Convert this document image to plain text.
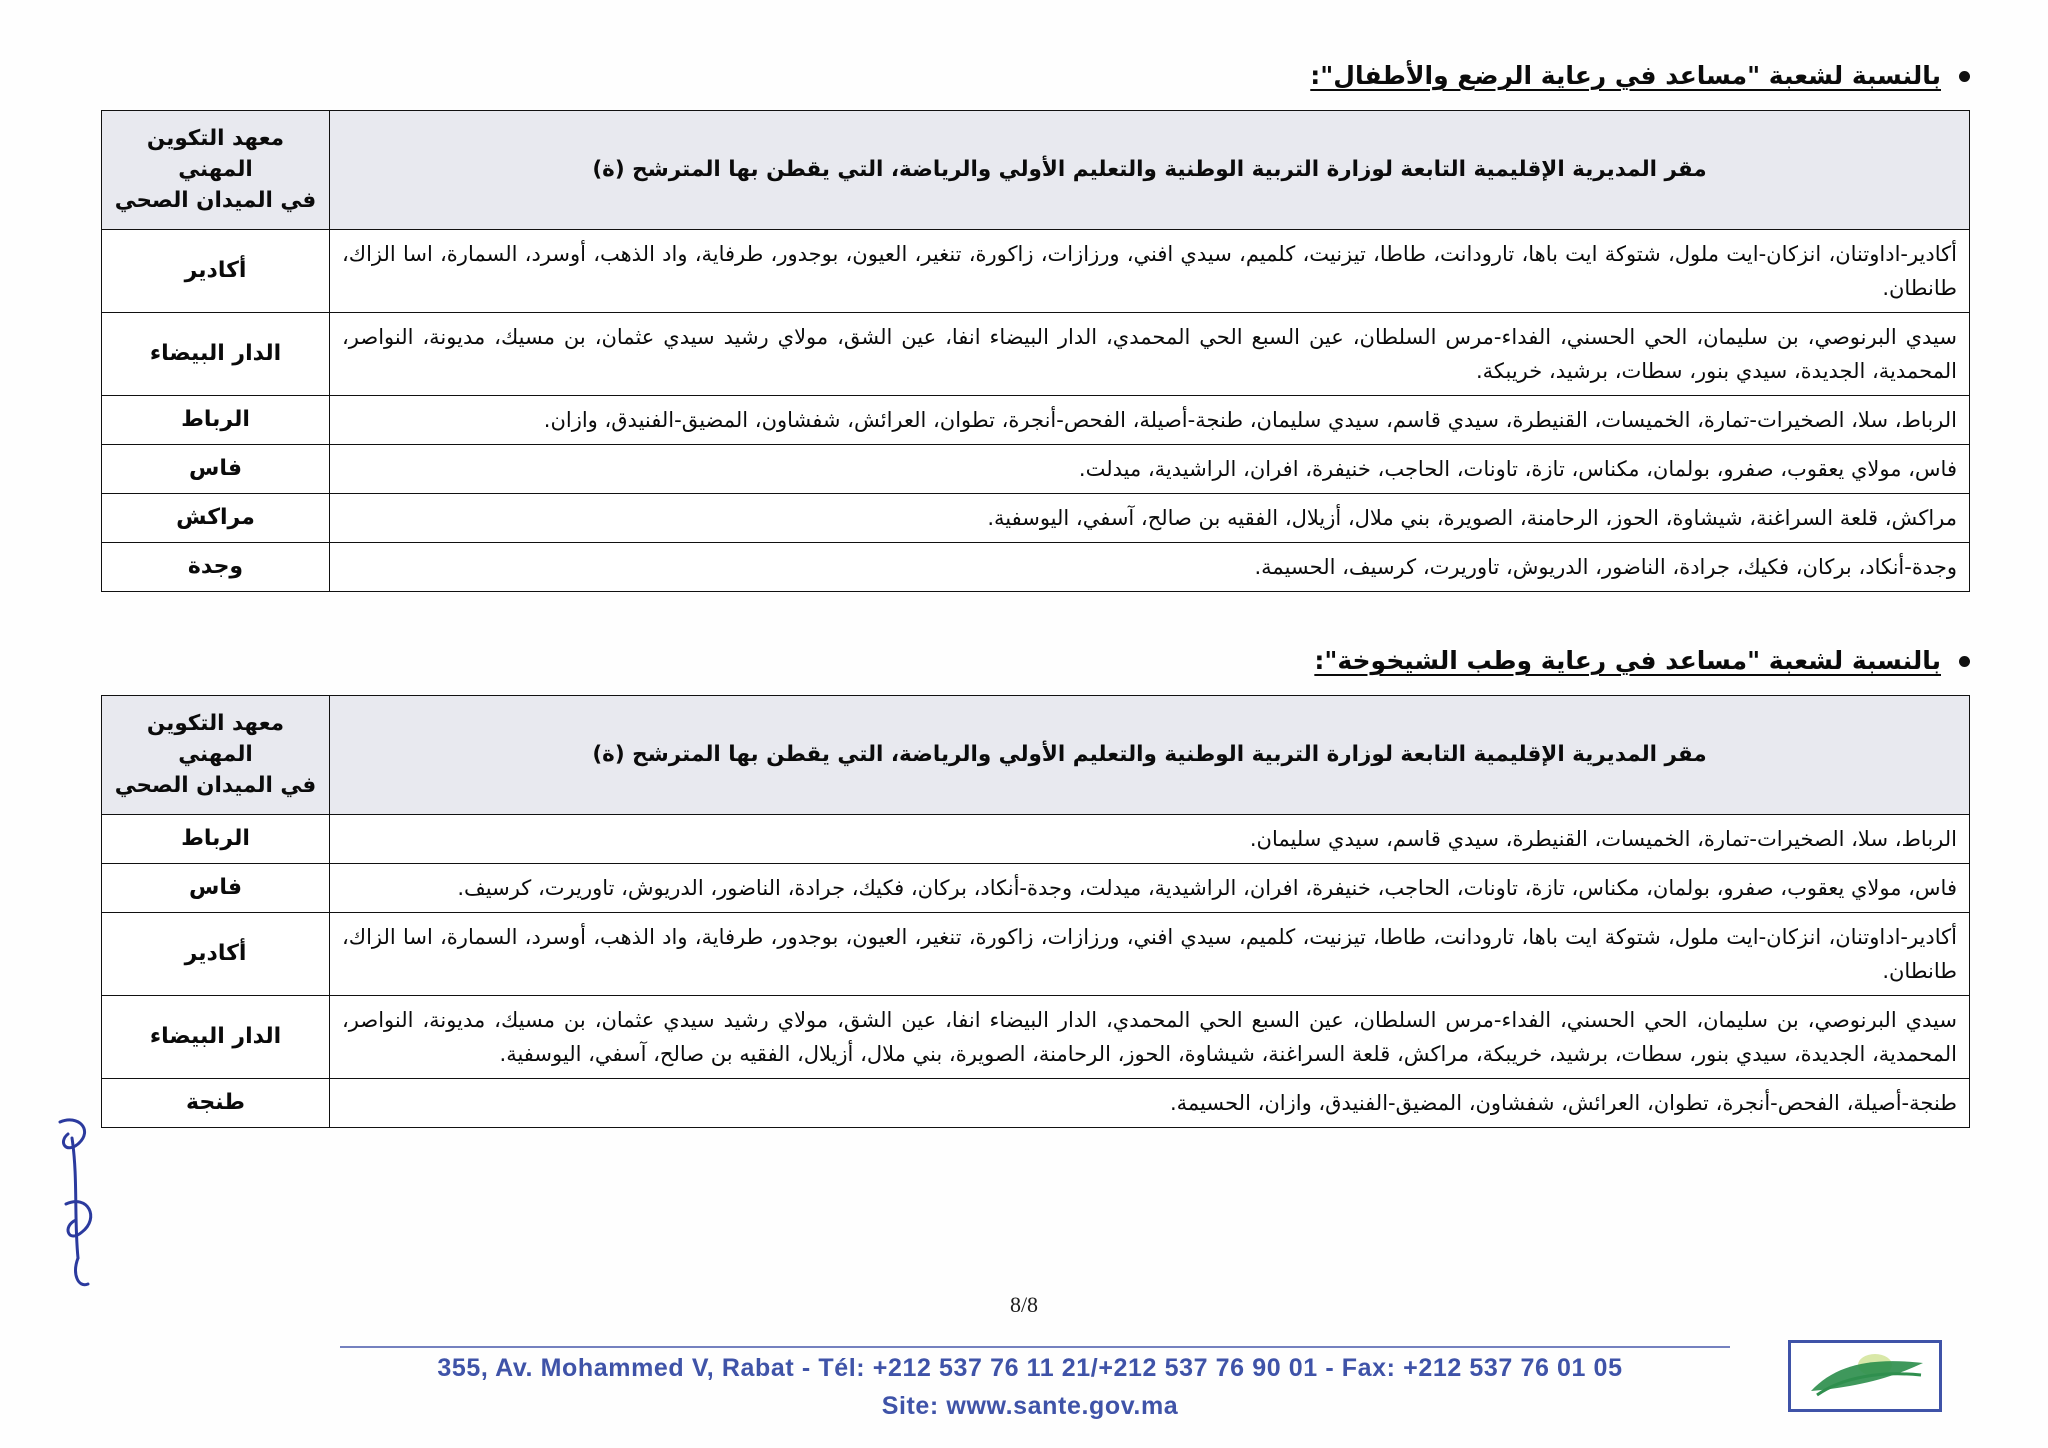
بالنسبة لشعبة "مساعد في رعاية الرضع والأطفال":
مقر المديرية الإقليمية التابعة لوزارة التربية الوطنية والتعليم الأولي والرياضة، التي يقطن بها المترشح (ة)	معهد التكوين المهني
في الميدان الصحي

أكادير-اداوتنان، انزكان-ايت ملول، شتوكة ايت باها، تارودانت، طاطا، تيزنيت، كلميم، سيدي افني، ورزازات، زاكورة، تنغير، العيون، بوجدور، طرفاية، واد الذهب، أوسرد، السمارة، اسا الزاك، طانطان.	أكادير
سيدي البرنوصي، بن سليمان، الحي الحسني، الفداء-مرس السلطان، عين السبع الحي المحمدي، الدار البيضاء انفا، عين الشق، مولاي رشيد سيدي عثمان، بن مسيك، مديونة، النواصر، المحمدية، الجديدة، سيدي بنور، سطات، برشيد، خريبكة.	الدار البيضاء
الرباط، سلا، الصخيرات-تمارة، الخميسات، القنيطرة، سيدي قاسم، سيدي سليمان، طنجة-أصيلة، الفحص-أنجرة، تطوان، العرائش، شفشاون، المضيق-الفنيدق، وازان.	الرباط
فاس، مولاي يعقوب، صفرو، بولمان، مكناس، تازة، تاونات، الحاجب، خنيفرة، افران، الراشيدية، ميدلت.	فاس
مراكش، قلعة السراغنة، شيشاوة، الحوز، الرحامنة، الصويرة، بني ملال، أزيلال، الفقيه بن صالح، آسفي، اليوسفية.	مراكش
وجدة-أنكاد، بركان، فكيك، جرادة، الناضور، الدريوش، تاوريرت، كرسيف، الحسيمة.	وجدة
بالنسبة لشعبة "مساعد في رعاية وطب الشيخوخة":
مقر المديرية الإقليمية التابعة لوزارة التربية الوطنية والتعليم الأولي والرياضة، التي يقطن بها المترشح (ة)	معهد التكوين المهني
في الميدان الصحي

الرباط، سلا، الصخيرات-تمارة، الخميسات، القنيطرة، سيدي قاسم، سيدي سليمان.	الرباط
فاس، مولاي يعقوب، صفرو، بولمان، مكناس، تازة، تاونات، الحاجب، خنيفرة، افران، الراشيدية، ميدلت، وجدة-أنكاد، بركان، فكيك، جرادة، الناضور، الدريوش، تاوريرت، كرسيف.	فاس
أكادير-اداوتنان، انزكان-ايت ملول، شتوكة ايت باها، تارودانت، طاطا، تيزنيت، كلميم، سيدي افني، ورزازات، زاكورة، تنغير، العيون، بوجدور، طرفاية، واد الذهب، أوسرد، السمارة، اسا الزاك، طانطان.	أكادير
سيدي البرنوصي، بن سليمان، الحي الحسني، الفداء-مرس السلطان، عين السبع الحي المحمدي، الدار البيضاء انفا، عين الشق، مولاي رشيد سيدي عثمان، بن مسيك، مديونة، النواصر، المحمدية، الجديدة، سيدي بنور، سطات، برشيد، خريبكة، مراكش، قلعة السراغنة، شيشاوة، الحوز، الرحامنة، الصويرة، بني ملال، أزيلال، الفقيه بن صالح، آسفي، اليوسفية.	الدار البيضاء
طنجة-أصيلة، الفحص-أنجرة، تطوان، العرائش، شفشاون، المضيق-الفنيدق، وازان، الحسيمة.	طنجة
8/8
355, Av. Mohammed V, Rabat - Tél: +212 537 76 11 21/+212 537 76 90 01 - Fax: +212 537 76 01 05
Site: www.sante.gov.ma
